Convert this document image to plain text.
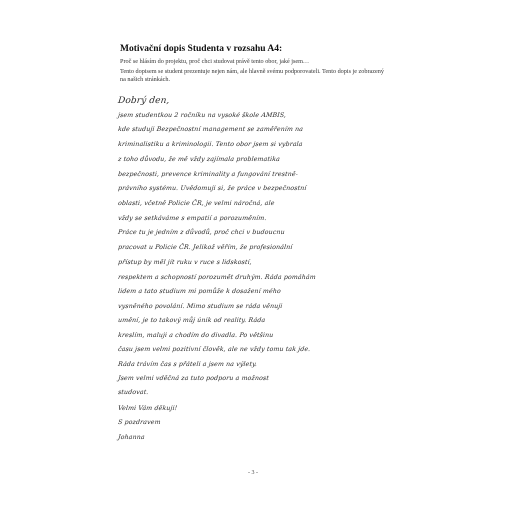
Motivační dopis Studenta v rozsahu A4:
Proč se hlásím do projektu, proč chci studovat právě tento obor, jaké jsem…
Tento dopisem se student prezentuje nejen nám, ale hlavně svému podporovateli. Tento dopis je zobrazený
na našich stránkách.
Dobrý den,
jsem studentkou 2 ročníku na vysoké škole AMBIS,
kde studuji Bezpečnostní management se zaměřením na
kriminalistiku a kriminologii. Tento obor jsem si vybrala
z toho důvodu, že mě vždy zajímala problematika
bezpečnosti, prevence kriminality a fungování trestně-
právního systému. Uvědomuji si, že práce v bezpečnostní
oblasti, včetně Policie ČR, je velmi náročná, ale
vždy se setkáváme s empatií a porozuměním.
Práce tu je jedním z důvodů, proč chci v budoucnu
pracovat u Policie ČR. Jelikož věřím, že profesionální
přístup by měl jít ruku v ruce s lidskostí,
respektem a schopností porozumět druhým. Ráda pomáhám
lidem a tato studium mi pomůže k dosažení mého
vysněného povolání. Mimo studium se ráda věnuji
umění, je to takový můj únik od reality. Ráda
kreslím, maluji a chodím do divadla. Po většinu
času jsem velmi pozitivní člověk, ale ne vždy tomu tak jde.
Ráda trávím čas s přáteli a jsem na výlety.
Jsem velmi vděčná za tuto podporu a možnost
studovat.
Velmi Vám děkuji!
S pozdravem
Johanna
- 3 -
